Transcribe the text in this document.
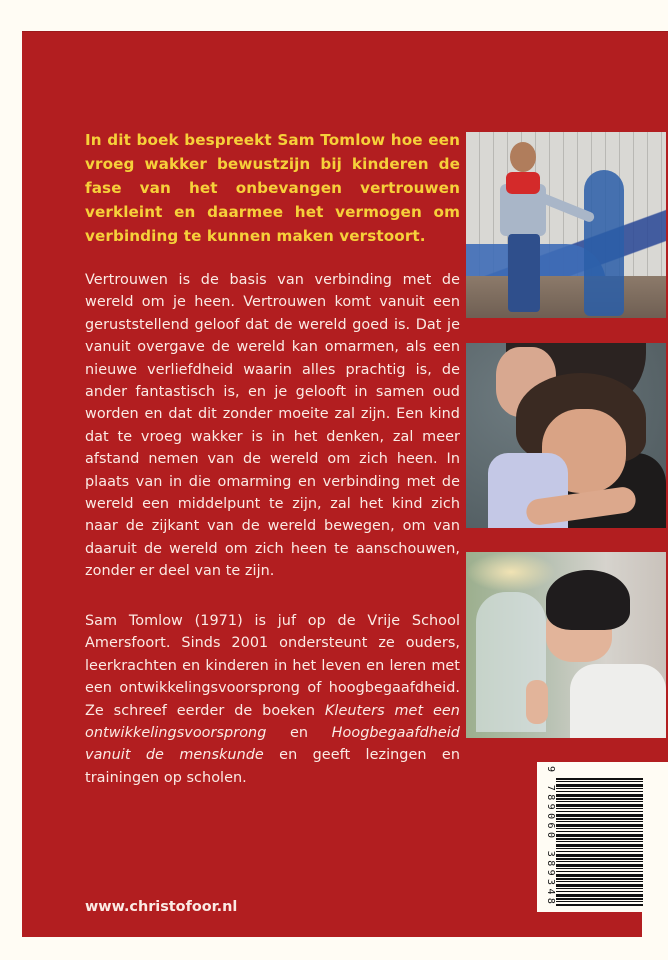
In dit boek bespreekt Sam Tomlow hoe een vroeg wakker bewustzijn bij kinderen de fase van het onbevangen vertrouwen verkleint en daarmee het vermogen om verbinding te kunnen maken verstoort.
Vertrouwen is de basis van verbinding met de wereld om je heen. Vertrouwen komt vanuit een geruststellend geloof dat de wereld goed is. Dat je vanuit overgave de wereld kan omarmen, als een nieuwe verliefdheid waarin alles prachtig is, de ander fantastisch is, en je gelooft in samen oud worden en dat dit zonder moeite zal zijn. Een kind dat te vroeg wakker is in het denken, zal meer afstand nemen van de wereld om zich heen. In plaats van in die omarming en verbinding met de wereld een middelpunt te zijn, zal het kind zich naar de zijkant van de wereld bewegen, om van daaruit de wereld om zich heen te aanschouwen, zonder er deel van te zijn.
Sam Tomlow (1971) is juf op de Vrije School Amersfoort. Sinds 2001 ondersteunt ze ouders, leerkrachten en kinderen in het leven en leren met een ontwikkelingsvoorsprong of hoogbegaafdheid. Ze schreef eerder de boeken Kleuters met een ontwikkelingsvoorsprong en Hoogbegaafdheid vanuit de menskunde en geeft lezingen en trainingen op scholen.
www.christofoor.nl	9 789060 389348
